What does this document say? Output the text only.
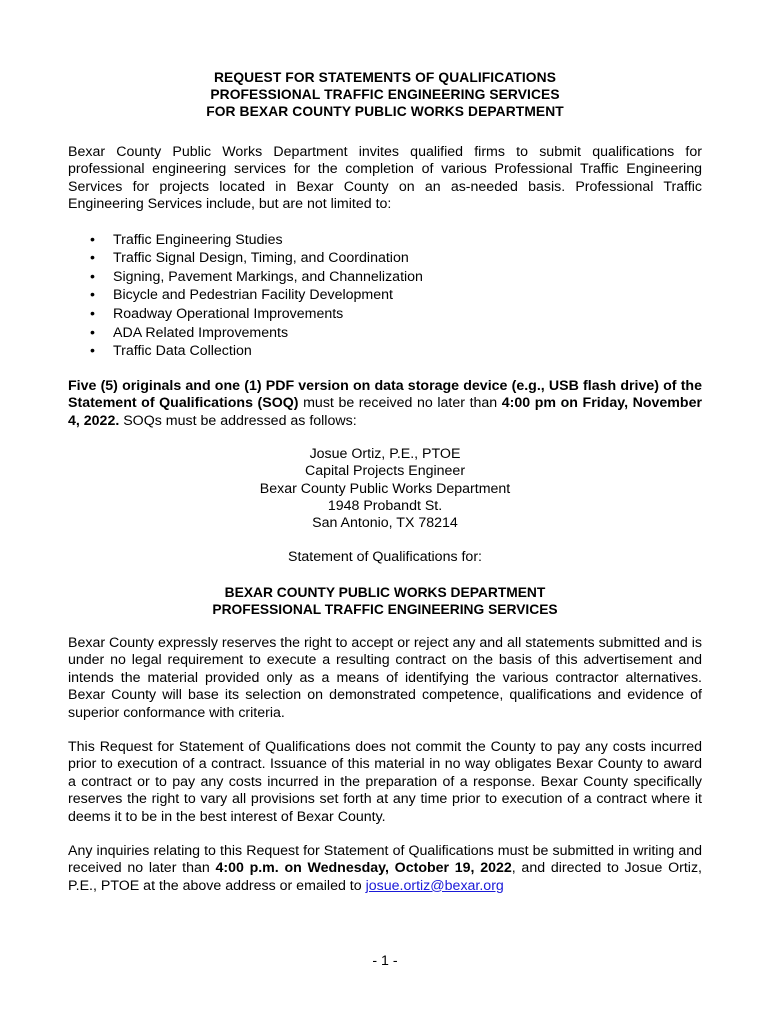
REQUEST FOR STATEMENTS OF QUALIFICATIONS
PROFESSIONAL TRAFFIC ENGINEERING SERVICES
FOR BEXAR COUNTY PUBLIC WORKS DEPARTMENT

Bexar County Public Works Department invites qualified firms to submit qualifications for professional engineering services for the completion of various Professional Traffic Engineering Services for projects located in Bexar County on an as-needed basis. Professional Traffic Engineering Services include, but are not limited to:

• Traffic Engineering Studies
• Traffic Signal Design, Timing, and Coordination
• Signing, Pavement Markings, and Channelization
• Bicycle and Pedestrian Facility Development
• Roadway Operational Improvements
• ADA Related Improvements
• Traffic Data Collection

Five (5) originals and one (1) PDF version on data storage device (e.g., USB flash drive) of the Statement of Qualifications (SOQ) must be received no later than 4:00 pm on Friday, November 4, 2022. SOQs must be addressed as follows:

Josue Ortiz, P.E., PTOE
Capital Projects Engineer
Bexar County Public Works Department
1948 Probandt St.
San Antonio, TX 78214
Statement of Qualifications for:
BEXAR COUNTY PUBLIC WORKS DEPARTMENT
PROFESSIONAL TRAFFIC ENGINEERING SERVICES

Bexar County expressly reserves the right to accept or reject any and all statements submitted and is under no legal requirement to execute a resulting contract on the basis of this advertisement and intends the material provided only as a means of identifying the various contractor alternatives. Bexar County will base its selection on demonstrated competence, qualifications and evidence of superior conformance with criteria.

This Request for Statement of Qualifications does not commit the County to pay any costs incurred prior to execution of a contract. Issuance of this material in no way obligates Bexar County to award a contract or to pay any costs incurred in the preparation of a response. Bexar County specifically reserves the right to vary all provisions set forth at any time prior to execution of a contract where it deems it to be in the best interest of Bexar County.

Any inquiries relating to this Request for Statement of Qualifications must be submitted in writing and received no later than 4:00 p.m. on Wednesday, October 19, 2022, and directed to Josue Ortiz, P.E., PTOE at the above address or emailed to josue.ortiz@bexar.org

- 1 -
